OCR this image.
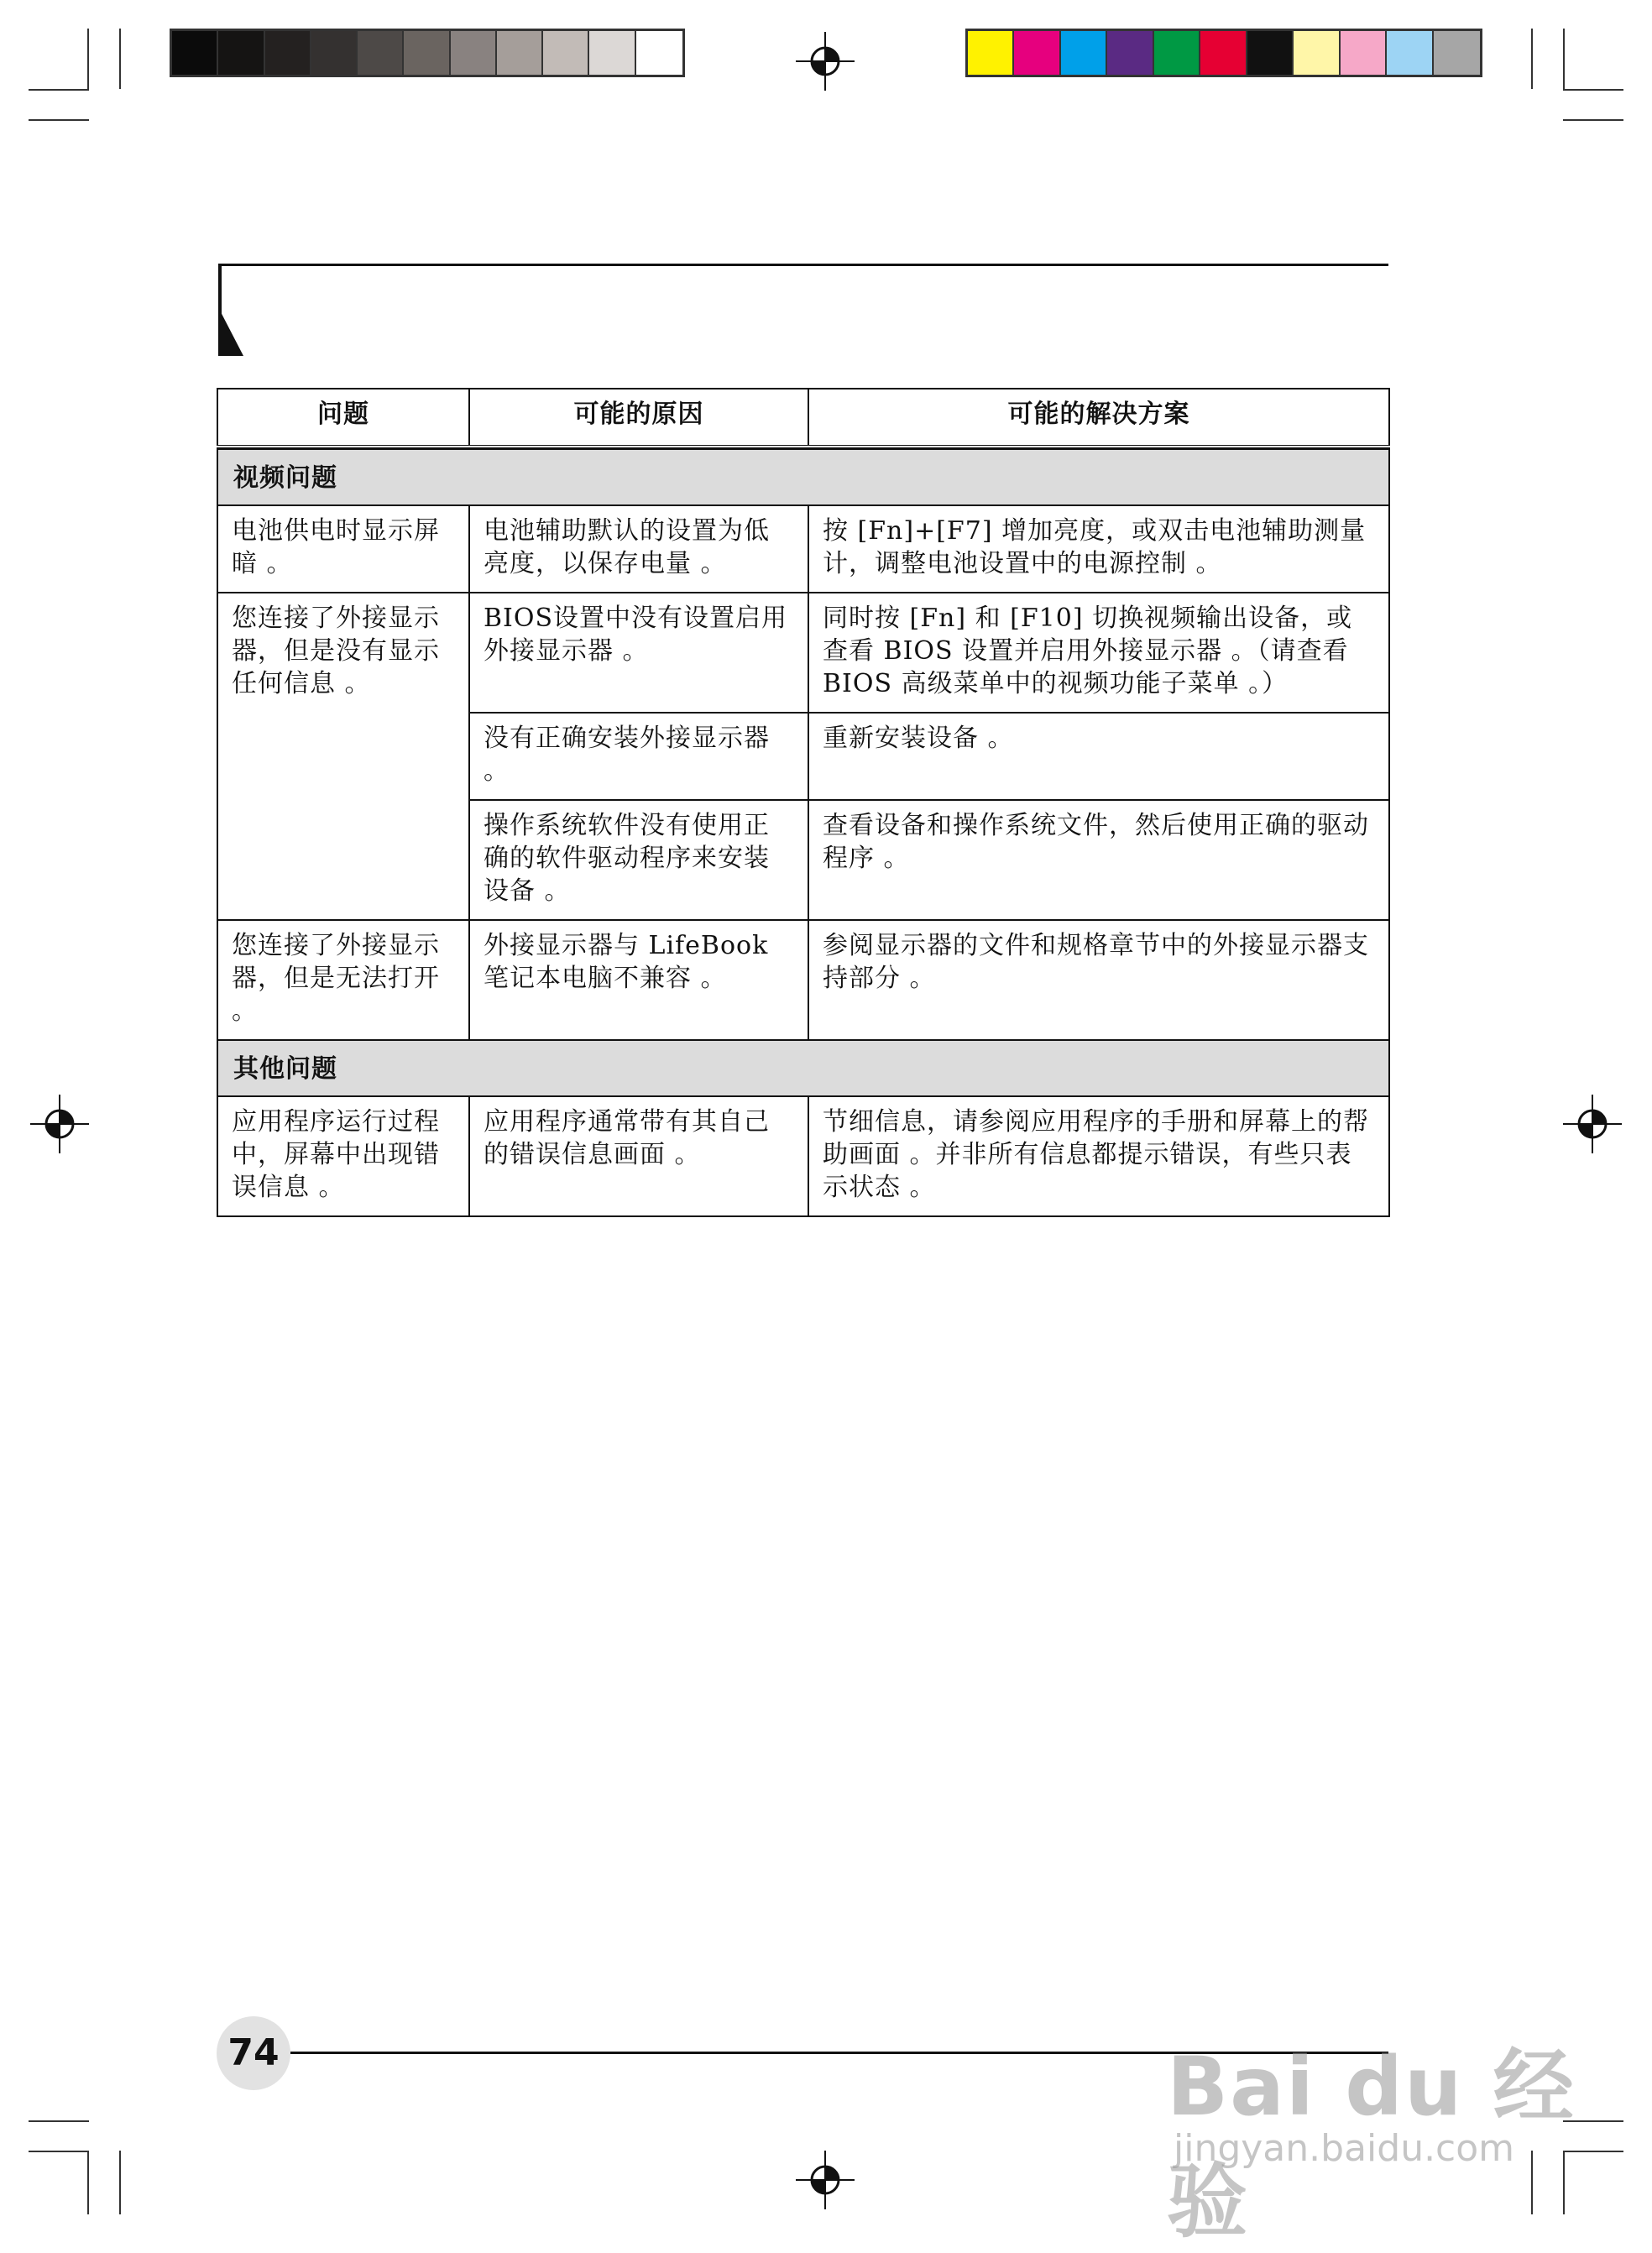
问题	可能的原因	可能的解决方案

视频问题		
电池供电时显示屏暗 。	电池辅助默认的设置为低亮度，以保存电量 。	按 [Fn]+[F7] 增加亮度，或双击电池辅助测量计，调整电池设置中的电源控制 。
您连接了外接显示器，但是没有显示任何信息 。	BIOS设置中没有设置启用外接显示器 。	同时按 [Fn] 和 [F10] 切换视频输出设备，或查看 BIOS 设置并启用外接显示器 。（请查看 BIOS 高级菜单中的视频功能子菜单 。）
	没有正确安装外接显示器 。	重新安装设备 。
	操作系统软件没有使用正确的软件驱动程序来安装设备 。	查看设备和操作系统文件，然后使用正确的驱动程序 。
您连接了外接显示器，但是无法打开 。	外接显示器与 LifeBook 笔记本电脑不兼容 。	参阅显示器的文件和规格章节中的外接显示器支持部分 。
其他问题		
应用程序运行过程中，屏幕中出现错误信息 。	应用程序通常带有其自己的错误信息画面 。	节细信息，请参阅应用程序的手册和屏幕上的帮助画面 。并非所有信息都提示错误，有些只表示状态 。
74	Bai du 经验
jingyan.baidu.com
